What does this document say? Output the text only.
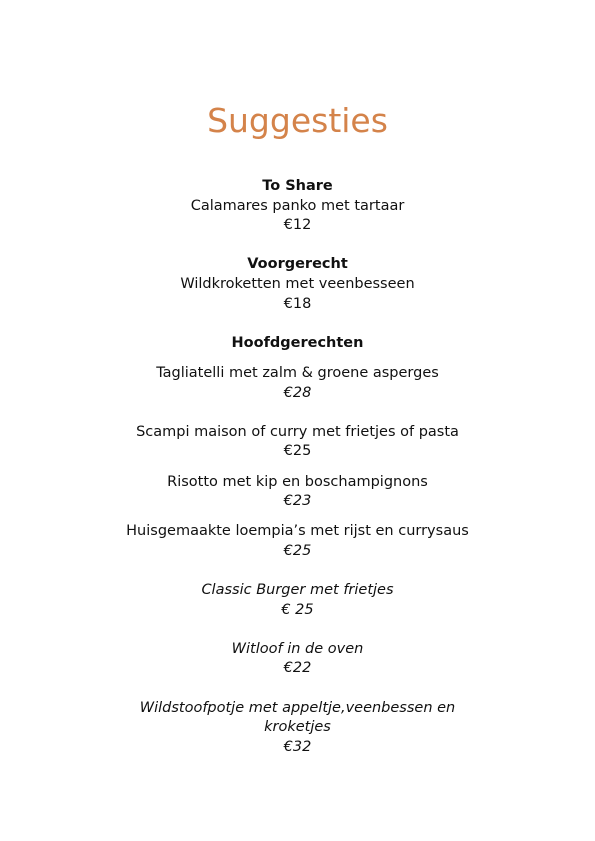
Suggesties
To Share
Calamares panko met tartaar
€12
Voorgerecht
Wildkroketten met veenbesseen
€18
Hoofdgerechten
Tagliatelli met zalm & groene asperges
€28
Scampi maison of curry met frietjes of pasta
€25
Risotto met kip en boschampignons
€23
Huisgemaakte loempia’s met rijst en currysaus
€25
Classic Burger met frietjes
€ 25
Witloof in de oven
€22
Wildstoofpotje met appeltje,veenbessen en
kroketjes
€32
